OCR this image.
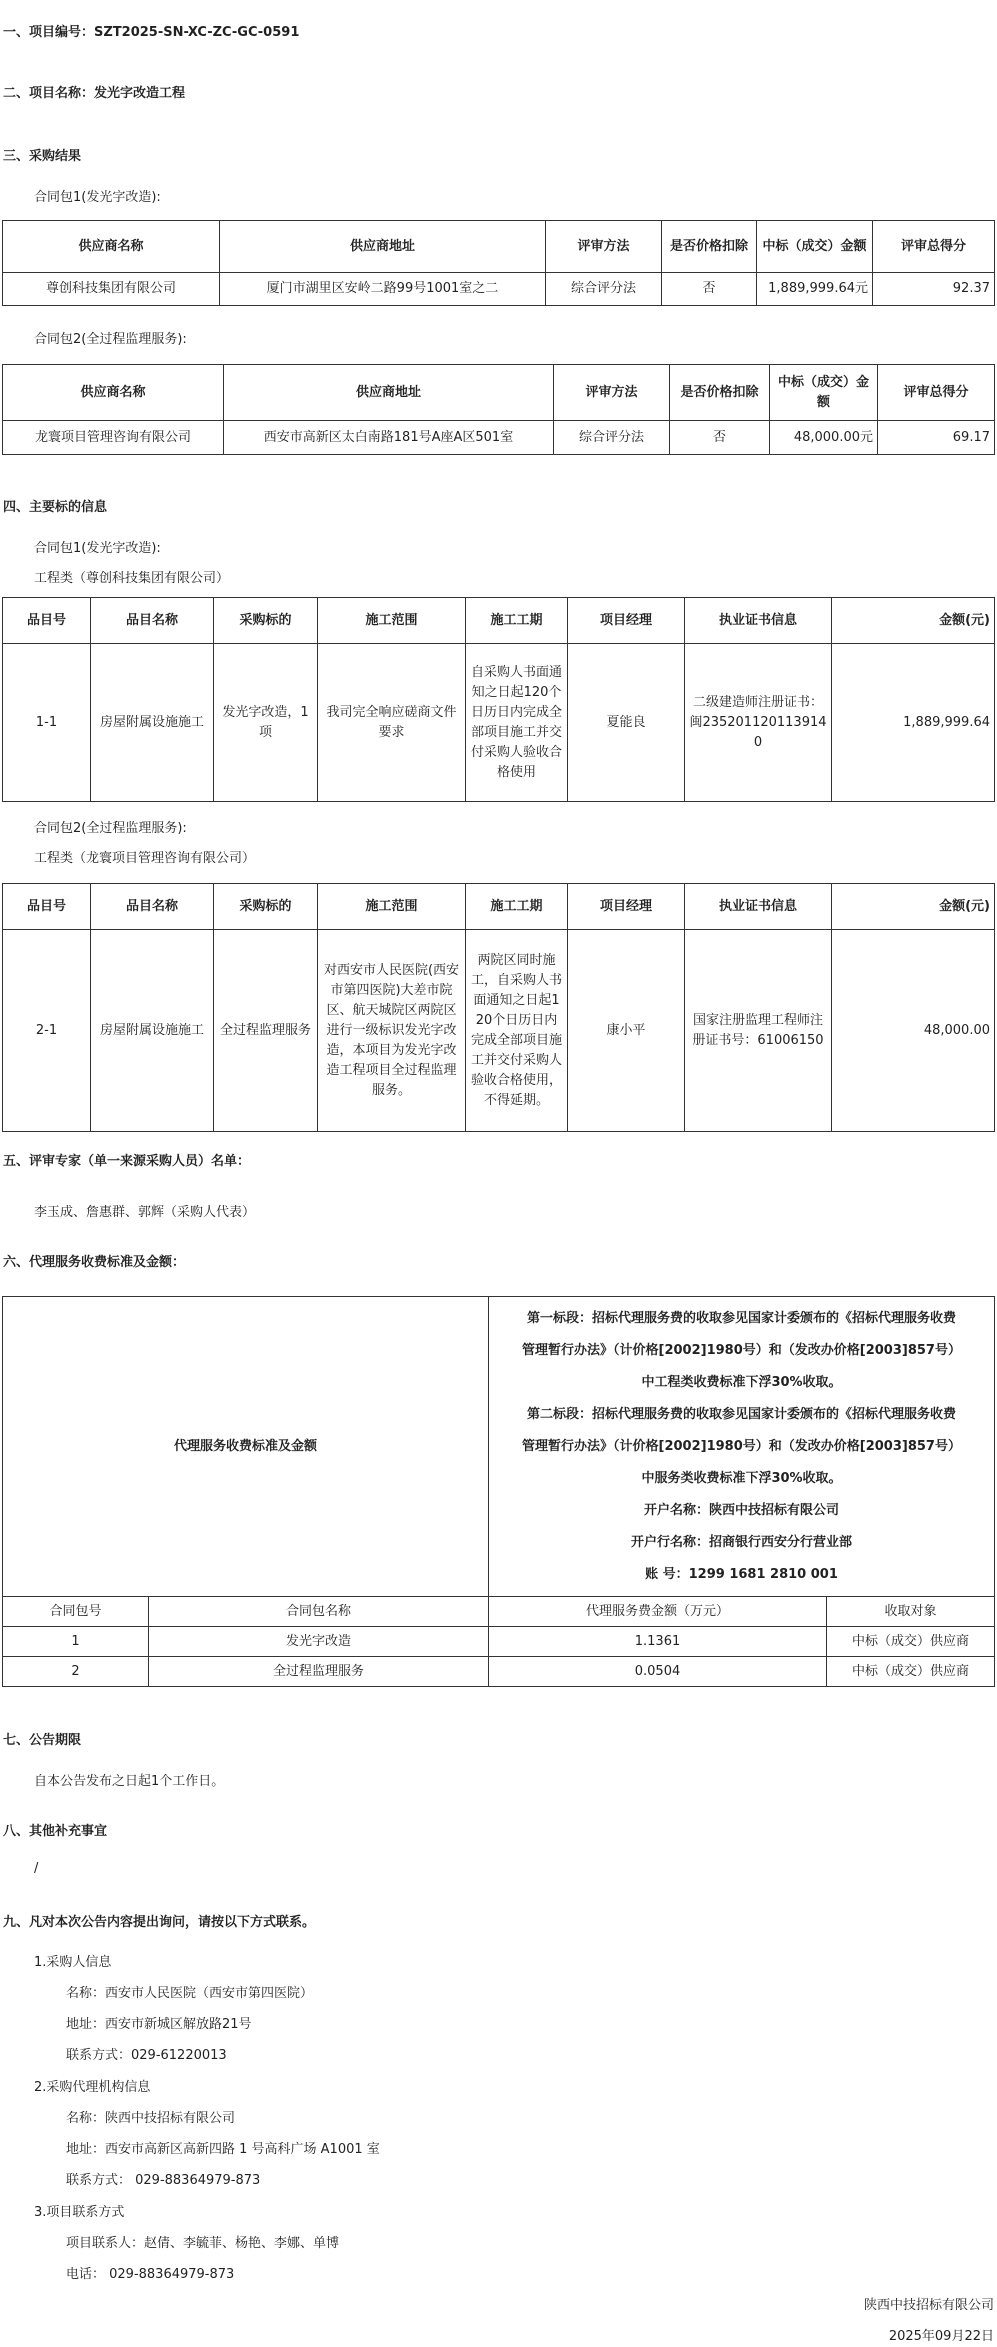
一、项目编号：SZT2025-SN-XC-ZC-GC-0591
二、项目名称：发光字改造工程
三、采购结果
合同包1(发光字改造):
供应商名称	供应商地址	评审方法	是否价格扣除	中标（成交）金额	评审总得分
尊创科技集团有限公司	厦门市湖里区安岭二路99号1001室之二	综合评分法	否	1,889,999.64元	92.37
合同包2(全过程监理服务):
供应商名称	供应商地址	评审方法	是否价格扣除	中标（成交）金额	评审总得分
龙寰项目管理咨询有限公司	西安市高新区太白南路181号A座A区501室	综合评分法	否	48,000.00元	69.17
四、主要标的信息
合同包1(发光字改造):
工程类（尊创科技集团有限公司）
品目号	品目名称	采购标的	施工范围	施工工期	项目经理	执业证书信息	金额(元)
1-1	房屋附属设施施工	发光字改造，1项	我司完全响应磋商文件要求	自采购人书面通知之日起120个日历日内完成全部项目施工并交付采购人验收合格使用	夏能良	二级建造师注册证书：闽2352011201139140	1,889,999.64
合同包2(全过程监理服务):
工程类（龙寰项目管理咨询有限公司）
品目号	品目名称	采购标的	施工范围	施工工期	项目经理	执业证书信息	金额(元)
2-1	房屋附属设施施工	全过程监理服务	对西安市人民医院(西安市第四医院)大差市院区、航天城院区两院区进行一级标识发光字改造，本项目为发光字改造工程项目全过程监理服务。	两院区同时施工，自采购人书面通知之日起120个日历日内完成全部项目施工并交付采购人验收合格使用，不得延期。	康小平	国家注册监理工程师注册证书号：61006150	48,000.00
五、评审专家（单一来源采购人员）名单：
李玉成、詹惠群、郭辉（采购人代表）
六、代理服务收费标准及金额：
代理服务收费标准及金额	
第一标段：招标代理服务费的收取参见国家计委颁布的《招标代理服务收费
管理暂行办法》（计价格[2002]1980号）和（发改办价格[2003]857号）
中工程类收费标准下浮30%收取。
第二标段：招标代理服务费的收取参见国家计委颁布的《招标代理服务收费
管理暂行办法》（计价格[2002]1980号）和（发改办价格[2003]857号）
中服务类收费标准下浮30%收取。
开户名称：陕西中技招标有限公司
开户行名称：招商银行西安分行营业部
账 号：1299 1681 2810 001
合同包号	合同包名称	代理服务费金额（万元）	收取对象
1	发光字改造	1.1361	中标（成交）供应商
2	全过程监理服务	0.0504	中标（成交）供应商
七、公告期限
自本公告发布之日起1个工作日。
八、其他补充事宜
/
九、凡对本次公告内容提出询问，请按以下方式联系。
1.采购人信息
名称：西安市人民医院（西安市第四医院）
地址：西安市新城区解放路21号
联系方式：029-61220013
2.采购代理机构信息
名称：陕西中技招标有限公司
地址：西安市高新区高新四路 1 号高科广场 A1001 室
联系方式： 029-88364979-873
3.项目联系方式
项目联系人：赵倩、李毓菲、杨艳、李娜、单博
电话： 029-88364979-873
陕西中技招标有限公司
2025年09月22日
